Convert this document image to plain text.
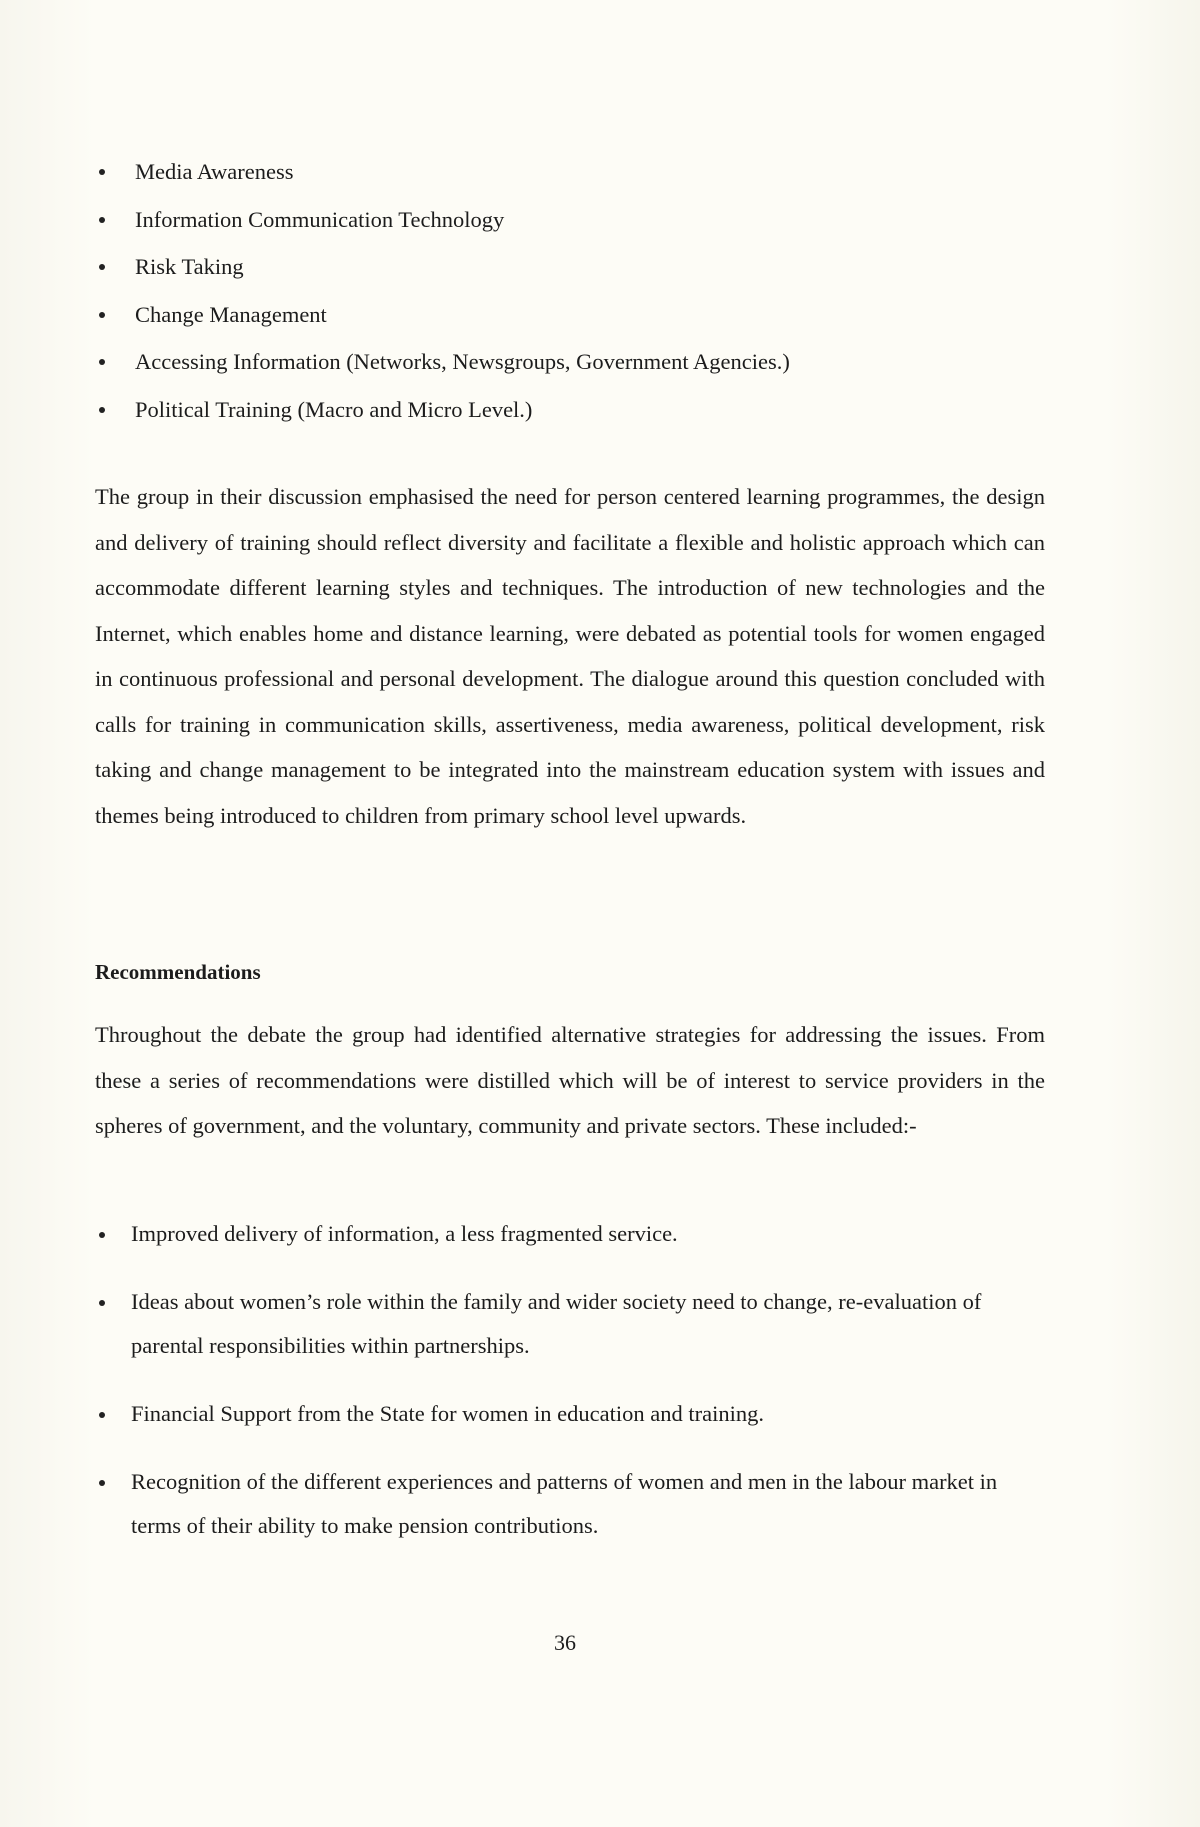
Media Awareness
Information Communication Technology
Risk Taking
Change Management
Accessing Information (Networks, Newsgroups, Government Agencies.)
Political Training (Macro and Micro Level.)

The group in their discussion emphasised the need for person centered learning programmes, the design and delivery of training should reflect diversity and facilitate a flexible and holistic approach which can accommodate different learning styles and techniques. The introduction of new technologies and the Internet, which enables home and distance learning, were debated as potential tools for women engaged in continuous professional and personal development. The dialogue around this question concluded with calls for training in communication skills, assertiveness, media awareness, political development, risk taking and change management to be integrated into the mainstream education system with issues and themes being introduced to children from primary school level upwards.

Recommendations

Throughout the debate the group had identified alternative strategies for addressing the issues. From these a series of recommendations were distilled which will be of interest to service providers in the spheres of government, and the voluntary, community and private sectors. These included:-

Improved delivery of information, a less fragmented service.
Ideas about women’s role within the family and wider society need to change, re-evaluation of parental responsibilities within partnerships.
Financial Support from the State for women in education and training.
Recognition of the different experiences and patterns of women and men in the labour market in terms of their ability to make pension contributions.

36
